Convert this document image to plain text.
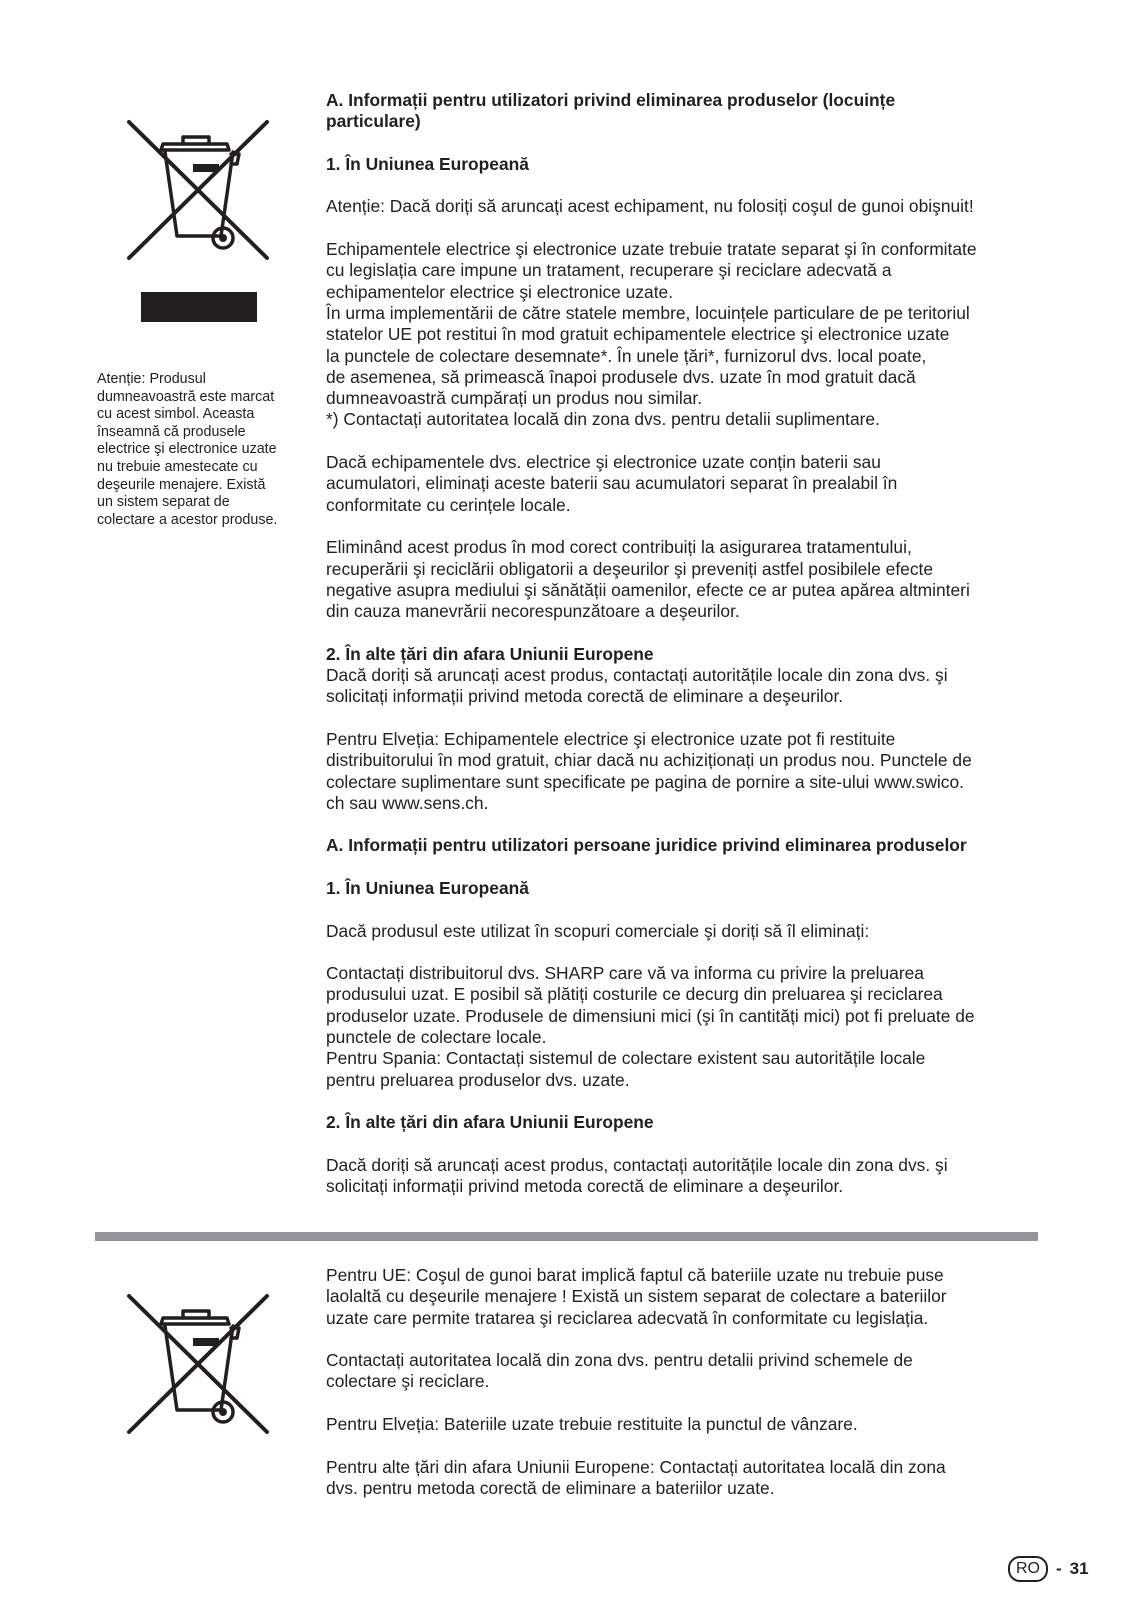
Atenție: Produsul
dumneavoastră este marcat
cu acest simbol. Aceasta
înseamnă că produsele
electrice şi electronice uzate
nu trebuie amestecate cu
deşeurile menajere. Există
un sistem separat de
colectare a acestor produse.

A. Informații pentru utilizatori privind eliminarea produselor (locuințe
particulare)

1. În Uniunea Europeană

Atenție: Dacă doriți să aruncați acest echipament, nu folosiți coşul de gunoi obişnuit!

Echipamentele electrice şi electronice uzate trebuie tratate separat şi în conformitate
cu legislația care impune un tratament, recuperare şi reciclare adecvată a
echipamentelor electrice şi electronice uzate.
În urma implementării de către statele membre, locuințele particulare de pe teritoriul
statelor UE pot restitui în mod gratuit echipamentele electrice şi electronice uzate
la punctele de colectare desemnate*. În unele țări*, furnizorul dvs. local poate,
de asemenea, să primească înapoi produsele dvs. uzate în mod gratuit dacă
dumneavoastră cumpărați un produs nou similar.
*) Contactați autoritatea locală din zona dvs. pentru detalii suplimentare.

Dacă echipamentele dvs. electrice şi electronice uzate conțin baterii sau
acumulatori, eliminați aceste baterii sau acumulatori separat în prealabil în
conformitate cu cerințele locale.

Eliminând acest produs în mod corect contribuiți la asigurarea tratamentului,
recuperării şi reciclării obligatorii a deşeurilor şi preveniți astfel posibilele efecte
negative asupra mediului şi sănătății oamenilor, efecte ce ar putea apărea altminteri
din cauza manevrării necorespunzătoare a deşeurilor.

2. În alte țări din afara Uniunii Europene

Dacă doriți să aruncați acest produs, contactați autoritățile locale din zona dvs. şi
solicitați informații privind metoda corectă de eliminare a deşeurilor.

Pentru Elveția: Echipamentele electrice şi electronice uzate pot fi restituite
distribuitorului în mod gratuit, chiar dacă nu achiziționați un produs nou. Punctele de
colectare suplimentare sunt specificate pe pagina de pornire a site-ului www.swico.
ch sau www.sens.ch.

A. Informații pentru utilizatori persoane juridice privind eliminarea produselor

1. În Uniunea Europeană

Dacă produsul este utilizat în scopuri comerciale şi doriți să îl eliminați:

Contactați distribuitorul dvs. SHARP care vă va informa cu privire la preluarea
produsului uzat. E posibil să plătiți costurile ce decurg din preluarea şi reciclarea
produselor uzate. Produsele de dimensiuni mici (şi în cantități mici) pot fi preluate de
punctele de colectare locale.
Pentru Spania: Contactați sistemul de colectare existent sau autoritățile locale
pentru preluarea produselor dvs. uzate.

2. În alte țări din afara Uniunii Europene

Dacă doriți să aruncați acest produs, contactați autoritățile locale din zona dvs. şi
solicitați informații privind metoda corectă de eliminare a deşeurilor.

Pentru UE: Coşul de gunoi barat implică faptul că bateriile uzate nu trebuie puse
laolaltă cu deşeurile menajere ! Există un sistem separat de colectare a bateriilor
uzate care permite tratarea şi reciclarea adecvată în conformitate cu legislația.

Contactați autoritatea locală din zona dvs. pentru detalii privind schemele de
colectare şi reciclare.

Pentru Elveția: Bateriile uzate trebuie restituite la punctul de vânzare.

Pentru alte țări din afara Uniunii Europene: Contactați autoritatea locală din zona
dvs. pentru metoda corectă de eliminare a bateriilor uzate.

RO - 31
